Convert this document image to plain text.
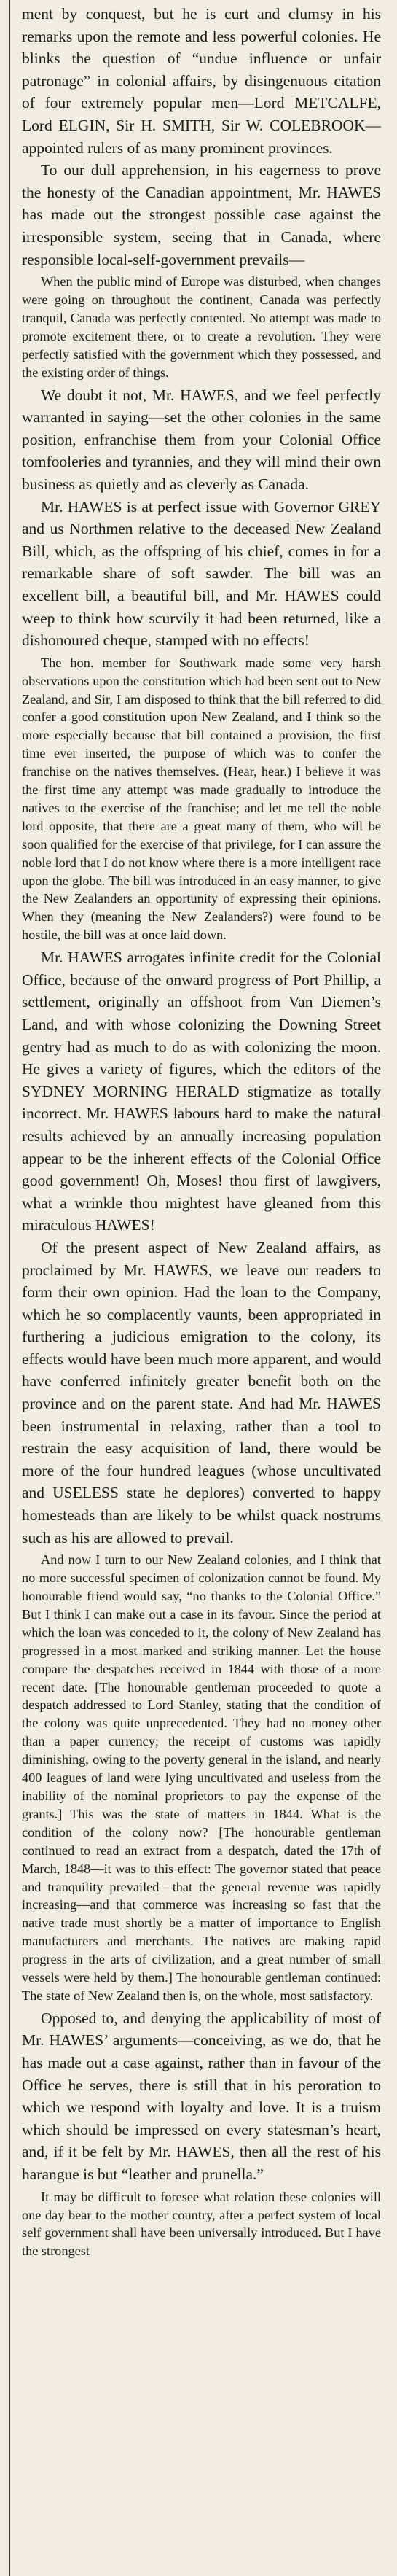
ment by conquest, but he is curt and clumsy in his remarks upon the remote and less powerful colonies. He blinks the question of “undue influence or unfair patronage” in colonial affairs, by disingenuous citation of four extremely popular men—Lord METCALFE, Lord ELGIN, Sir H. SMITH, Sir W. COLEBROOK—appointed rulers of as many prominent provinces.

To our dull apprehension, in his eagerness to prove the honesty of the Canadian appointment, Mr. HAWES has made out the strongest possible case against the irresponsible system, seeing that in Canada, where responsible local-self-government prevails—

When the public mind of Europe was disturbed, when changes were going on throughout the continent, Canada was perfectly tranquil, Canada was perfectly contented. No attempt was made to promote excitement there, or to create a revolution. They were perfectly satisfied with the government which they possessed, and the existing order of things.

We doubt it not, Mr. HAWES, and we feel perfectly warranted in saying—set the other colonies in the same position, enfranchise them from your Colonial Office tomfooleries and tyrannies, and they will mind their own business as quietly and as cleverly as Canada.

Mr. HAWES is at perfect issue with Governor GREY and us Northmen relative to the deceased New Zealand Bill, which, as the offspring of his chief, comes in for a remarkable share of soft sawder. The bill was an excellent bill, a beautiful bill, and Mr. HAWES could weep to think how scurvily it had been returned, like a dishonoured cheque, stamped with no effects!

The hon. member for Southwark made some very harsh observations upon the constitution which had been sent out to New Zealand, and Sir, I am disposed to think that the bill referred to did confer a good constitution upon New Zealand, and I think so the more especially because that bill contained a provision, the first time ever inserted, the purpose of which was to confer the franchise on the natives themselves. (Hear, hear.) I believe it was the first time any attempt was made gradually to introduce the natives to the exercise of the franchise; and let me tell the noble lord opposite, that there are a great many of them, who will be soon qualified for the exercise of that privilege, for I can assure the noble lord that I do not know where there is a more intelligent race upon the globe. The bill was introduced in an easy manner, to give the New Zealanders an opportunity of expressing their opinions. When they (meaning the New Zealanders?) were found to be hostile, the bill was at once laid down.

Mr. HAWES arrogates infinite credit for the Colonial Office, because of the onward progress of Port Phillip, a settlement, originally an offshoot from Van Diemen’s Land, and with whose colonizing the Downing Street gentry had as much to do as with colonizing the moon. He gives a variety of figures, which the editors of the SYDNEY MORNING HERALD stigmatize as totally incorrect. Mr. HAWES labours hard to make the natural results achieved by an annually increasing population appear to be the inherent effects of the Colonial Office good government! Oh, Moses! thou first of lawgivers, what a wrinkle thou mightest have gleaned from this miraculous HAWES!

Of the present aspect of New Zealand affairs, as proclaimed by Mr. HAWES, we leave our readers to form their own opinion. Had the loan to the Company, which he so complacently vaunts, been appropriated in furthering a judicious emigration to the colony, its effects would have been much more apparent, and would have conferred infinitely greater benefit both on the province and on the parent state. And had Mr. HAWES been instrumental in relaxing, rather than a tool to restrain the easy acquisition of land, there would be more of the four hundred leagues (whose uncultivated and USELESS state he deplores) converted to happy homesteads than are likely to be whilst quack nostrums such as his are allowed to prevail.

And now I turn to our New Zealand colonies, and I think that no more successful specimen of colonization cannot be found. My honourable friend would say, “no thanks to the Colonial Office.” But I think I can make out a case in its favour. Since the period at which the loan was conceded to it, the colony of New Zealand has progressed in a most marked and striking manner. Let the house compare the despatches received in 1844 with those of a more recent date. [The honourable gentleman proceeded to quote a despatch addressed to Lord Stanley, stating that the condition of the colony was quite unprecedented. They had no money other than a paper currency; the receipt of customs was rapidly diminishing, owing to the poverty general in the island, and nearly 400 leagues of land were lying uncultivated and useless from the inability of the nominal proprietors to pay the expense of the grants.] This was the state of matters in 1844. What is the condition of the colony now? [The honourable gentleman continued to read an extract from a despatch, dated the 17th of March, 1848—it was to this effect: The governor stated that peace and tranquility prevailed—that the general revenue was rapidly increasing—and that commerce was increasing so fast that the native trade must shortly be a matter of importance to English manufacturers and merchants. The natives are making rapid progress in the arts of civilization, and a great number of small vessels were held by them.] The honourable gentleman continued: The state of New Zealand then is, on the whole, most satisfactory.

Opposed to, and denying the applicability of most of Mr. HAWES’ arguments—conceiving, as we do, that he has made out a case against, rather than in favour of the Office he serves, there is still that in his peroration to which we respond with loyalty and love. It is a truism which should be impressed on every statesman’s heart, and, if it be felt by Mr. HAWES, then all the rest of his harangue is but “leather and prunella.”

It may be difficult to foresee what relation these colonies will one day bear to the mother country, after a perfect system of local self government shall have been universally introduced. But I have the strongest
